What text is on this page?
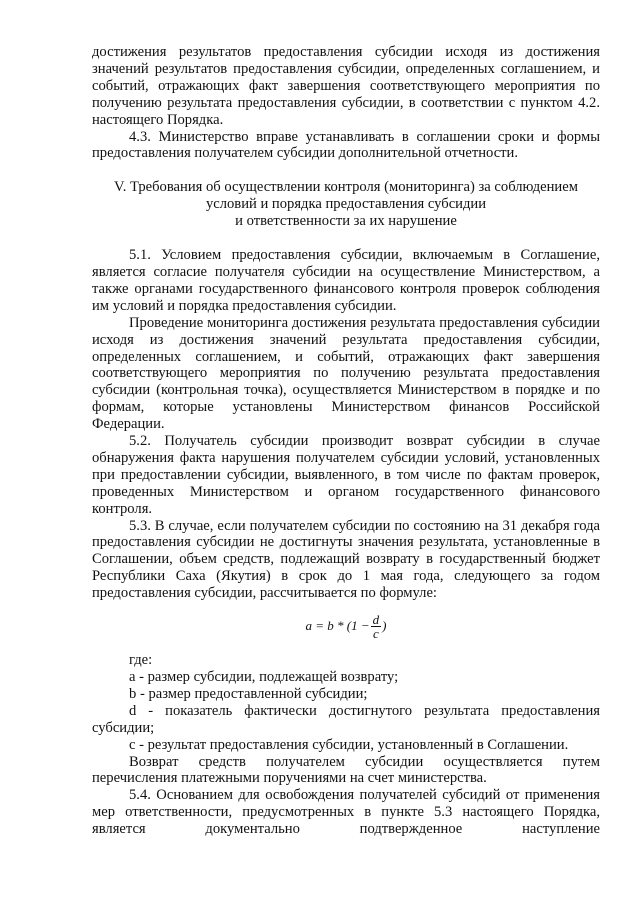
достижения результатов предоставления субсидии исходя из достижения значений результатов предоставления субсидии, определенных соглашением, и событий, отражающих факт завершения соответствующего мероприятия по получению результата предоставления субсидии, в соответствии с пунктом 4.2. настоящего Порядка.

4.3. Министерство вправе устанавливать в соглашении сроки и формы предоставления получателем субсидии дополнительной отчетности.

V. Требования об осуществлении контроля (мониторинга) за соблюдением

условий и порядка предоставления субсидии

и ответственности за их нарушение

5.1. Условием предоставления субсидии, включаемым в Соглашение, является согласие получателя субсидии на осуществление Министерством, а также органами государственного финансового контроля проверок соблюдения им условий и порядка предоставления субсидии.

Проведение мониторинга достижения результата предоставления субсидии исходя из достижения значений результата предоставления субсидии, определенных соглашением, и событий, отражающих факт завершения соответствующего мероприятия по получению результата предоставления субсидии (контрольная точка), осуществляется Министерством в порядке и по формам, которые установлены Министерством финансов Российской Федерации.

5.2. Получатель субсидии производит возврат субсидии в случае обнаружения факта нарушения получателем субсидии условий, установленных при предоставлении субсидии, выявленного, в том числе по фактам проверок, проведенных Министерством и органом государственного финансового контроля.

5.3. В случае, если получателем субсидии по состоянию на 31 декабря года предоставления субсидии не достигнуты значения результата, установленные в Соглашении, объем средств, подлежащий возврату в государственный бюджет Республики Саха (Якутия) в срок до 1 мая года, следующего за годом предоставления субсидии, рассчитывается по формуле:

$a = b * (1 - \frac{d}{c}$ )

где:

а - размер субсидии, подлежащей возврату;

b - размер предоставленной субсидии;

d - показатель фактически достигнутого результата предоставления субсидии;

с - результат предоставления субсидии, установленный в Соглашении.

Возврат средств получателем субсидии осуществляется путем перечисления платежными поручениями на счет министерства.

5.4. Основанием для освобождения получателей субсидий от применения мер ответственности, предусмотренных в пункте 5.3 настоящего Порядка, является документально подтвержденное наступление
